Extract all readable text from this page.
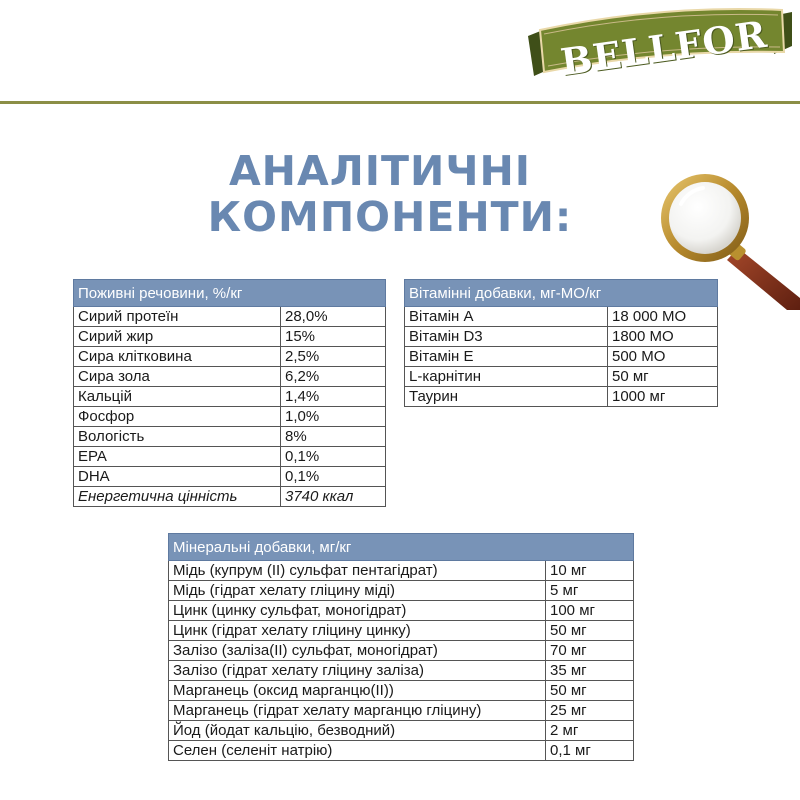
BELLFOR
АНАЛІТИЧНІ
КОМПОНЕНТИ:
Поживні речовини, %/кг	
Сирий протеїн	28,0%
Сирий жир	15%
Сира клітковина	2,5%
Сира зола	6,2%
Кальцій	1,4%
Фосфор	1,0%
Вологість	8%
EPA	0,1%
DHA	0,1%
Енергетична цінність	3740 ккал
Вітамінні добавки, мг-МО/кг	
Вітамін A	18 000 МО
Вітамін D3	1800 МО
Вітамін E	500 МО
L-карнітин	50 мг
Таурин	1000 мг
Мінеральні добавки, мг/кг	
Мідь (купрум (II) сульфат пентагідрат)	10 мг
Мідь (гідрат хелату гліцину міді)	5 мг
Цинк (цинку сульфат, моногідрат)	100 мг
Цинк (гідрат хелату гліцину цинку)	50 мг
Залізо (заліза(II) сульфат, моногідрат)	70 мг
Залізо (гідрат хелату гліцину заліза)	35 мг
Марганець (оксид марганцю(II))	50 мг
Марганець (гідрат хелату марганцю гліцину)	25 мг
Йод (йодат кальцію, безводний)	2 мг
Селен (селеніт натрію)	0,1 мг
